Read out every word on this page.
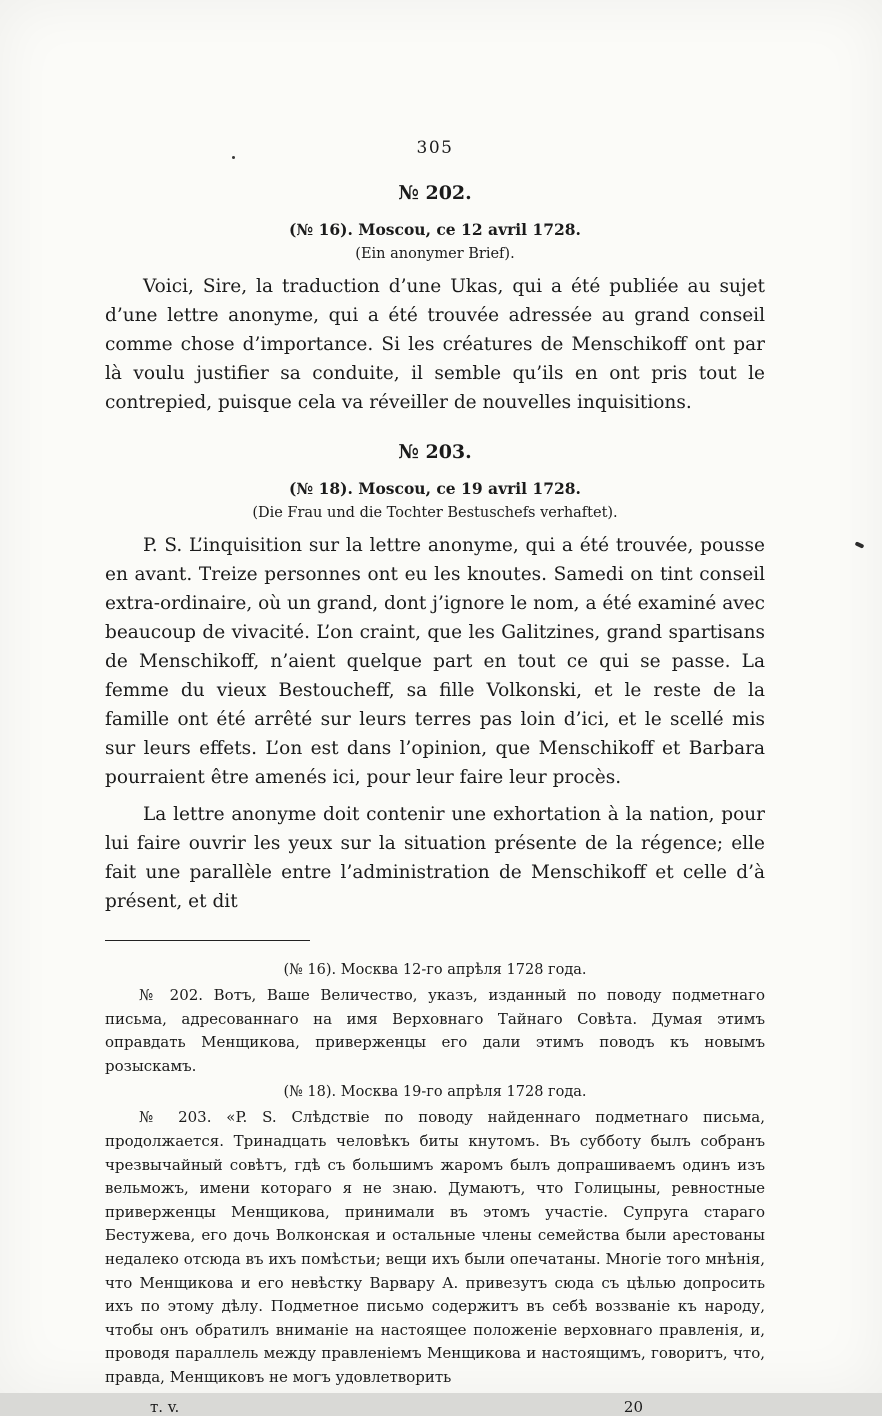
305
№ 202.
(№ 16). Moscou, ce 12 avril 1728.
(Ein anonymer Brief).

Voici, Sire, la traduction d’une Ukas, qui a été publiée au sujet d’une lettre anonyme, qui a été trouvée adressée au grand conseil comme chose d’importance. Si les créatures de Menschikoff ont par là voulu justifier sa conduite, il semble qu’ils en ont pris tout le contrepied, puisque cela va réveiller de nouvelles inquisitions.

№ 203.
(№ 18). Moscou, ce 19 avril 1728.
(Die Frau und die Tochter Bestuschefs verhaftet).

P. S. L’inquisition sur la lettre anonyme, qui a été trouvée, pousse en avant. Treize personnes ont eu les knoutes. Samedi on tint conseil extra-ordinaire, où un grand, dont j’ignore le nom, a été examiné avec beaucoup de vivacité. L’on craint, que les Galitzines, grand spartisans de Menschikoff, n’aient quelque part en tout ce qui se passe. La femme du vieux Bestoucheff, sa fille Volkonski, et le reste de la famille ont été arrêté sur leurs terres pas loin d’ici, et le scellé mis sur leurs effets. L’on est dans l’opinion, que Menschikoff et Barbara pourraient être amenés ici, pour leur faire leur procès.

La lettre anonyme doit contenir une exhortation à la nation, pour lui faire ouvrir les yeux sur la situation présente de la régence; elle fait une parallèle entre l’administration de Menschikoff et celle d’à présent, et dit

(№ 16). Москва 12-го апрѣля 1728 года.

№ 202. Вотъ, Ваше Величество, указъ, изданный по поводу подметнаго письма, адресованнаго на имя Верховнаго Тайнаго Совѣта. Думая этимъ оправдать Менщикова, приверженцы его дали этимъ поводъ къ новымъ розыскамъ.

(№ 18). Москва 19-го апрѣля 1728 года.

№ 203. «P. S. Слѣдствіе по поводу найденнаго подметнаго письма, продолжается. Тринадцать человѣкъ биты кнутомъ. Въ субботу былъ собранъ чрезвычайный совѣтъ, гдѣ съ большимъ жаромъ былъ допрашиваемъ одинъ изъ вельможъ, имени котораго я не знаю. Думаютъ, что Голицыны, ревностные приверженцы Менщикова, принимали въ этомъ участіе. Супруга стараго Бестужева, его дочь Волконская и остальные члены семейства были арестованы недалеко отсюда въ ихъ помѣстьи; вещи ихъ были опечатаны. Многіе того мнѣнія, что Менщикова и его невѣстку Варвару А. привезутъ сюда съ цѣлью допросить ихъ по этому дѣлу. Подметное письмо содержитъ въ себѣ воззваніе къ народу, чтобы онъ обратилъ вниманіе на настоящее положеніе верховнаго правленія, и, проводя параллель между правленіемъ Менщикова и настоящимъ, говоритъ, что, правда, Менщиковъ не могъ удовлетворить

т. v.	20
